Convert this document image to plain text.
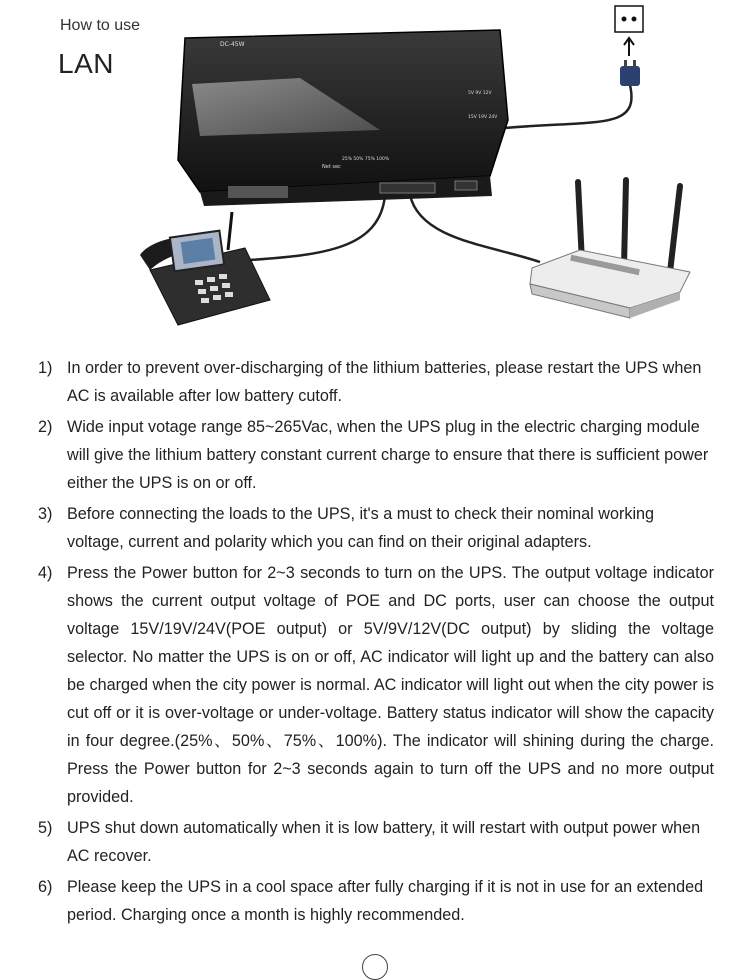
How to use
LAN
DC-45W
5V 9V 12V
15V 19V 24V
25% 50% 75% 100%
Net sec
1) In order to prevent over-discharging of the lithium batteries, please restart the UPS when AC is available after low battery cutoff.
2) Wide input votage range 85~265Vac, when the UPS plug in the electric charging module will give the lithium battery constant current charge to ensure that there is sufficient power either the UPS is on or off.
3) Before connecting the loads to the UPS, it's a must to check their nominal working voltage, current and polarity which you can find on their original adapters.
4) Press the Power button for 2~3 seconds to turn on the UPS. The output voltage indicator shows the current output voltage of POE and DC ports, user can choose the output voltage 15V/19V/24V(POE output) or 5V/9V/12V(DC output) by sliding the voltage selector. No matter the UPS is on or off, AC indicator will light up and the battery can also be charged when the city power is normal. AC indicator will light out when the city power is cut off or it is over-voltage or under-voltage. Battery status indicator will show the capacity in four degree.(25%、50%、75%、100%). The indicator will shining during the charge. Press the Power button for 2~3 seconds again to turn off the UPS and no more output provided.
5) UPS shut down automatically when it is low battery, it will restart with output power when AC recover.
6) Please keep the UPS in a cool space after fully charging if it is not in use for an extended period. Charging once a month is highly recommended.
